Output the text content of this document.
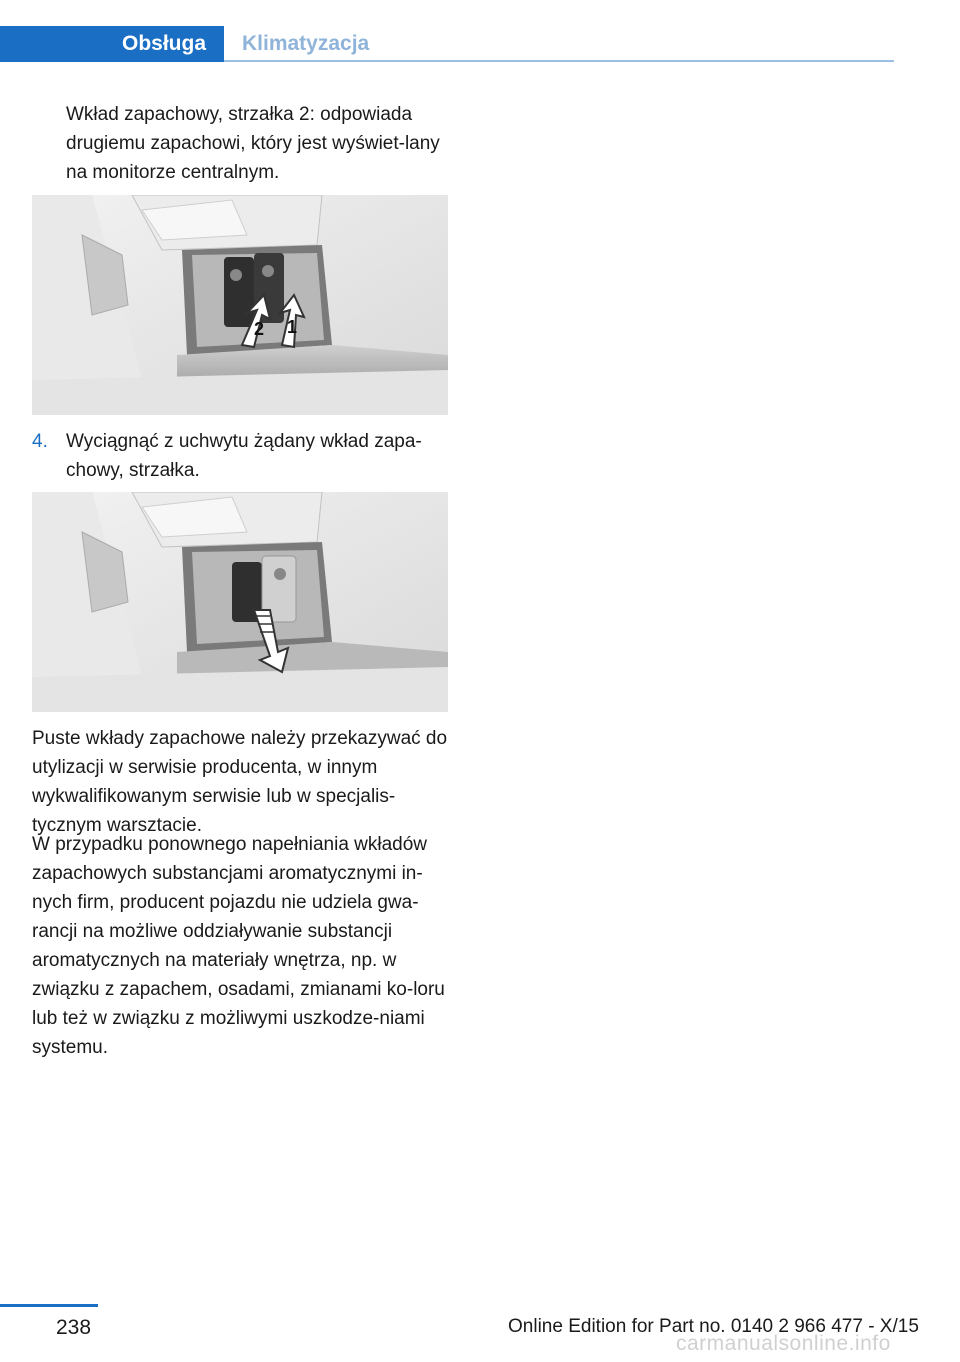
Obsługa Klimatyzacja

Wkład zapachowy, strzałka 2: odpowiada drugiemu zapachowi, który jest wyświet‐lany na monitorze centralnym.

2 1
4. Wyciągnąć z uchwytu żądany wkład zapa‐chowy, strzałka.

Puste wkłady zapachowe należy przekazywać do utylizacji w serwisie producenta, w innym wykwalifikowanym serwisie lub w specjalis‐tycznym warsztacie.

W przypadku ponownego napełniania wkładów zapachowych substancjami aromatycznymi in‐nych firm, producent pojazdu nie udziela gwa‐rancji na możliwe oddziaływanie substancji aromatycznych na materiały wnętrza, np. w związku z zapachem, osadami, zmianami ko‐loru lub też w związku z możliwymi uszkodze‐niami systemu.

238	Online Edition for Part no. 0140 2 966 477 - X/15
carmanualsonline.info
